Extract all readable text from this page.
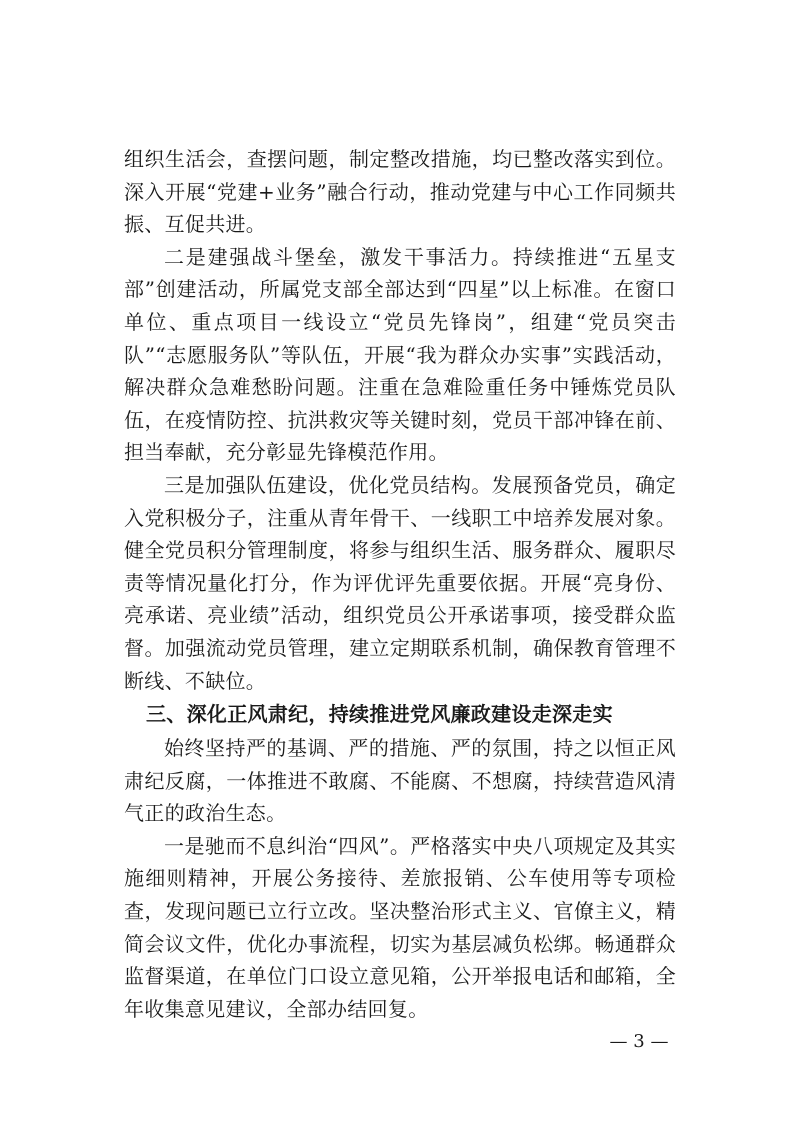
组织生活会，查摆问题，制定整改措施，均已整改落实到位。深入开展“党建+业务”融合行动，推动党建与中心工作同频共振、互促共进。

二是建强战斗堡垒，激发干事活力。持续推进“五星支部”创建活动，所属党支部全部达到“四星”以上标准。在窗口单位、重点项目一线设立“党员先锋岗”，组建“党员突击队”“志愿服务队”等队伍，开展“我为群众办实事”实践活动，解决群众急难愁盼问题。注重在急难险重任务中锤炼党员队伍，在疫情防控、抗洪救灾等关键时刻，党员干部冲锋在前、担当奉献，充分彰显先锋模范作用。

三是加强队伍建设，优化党员结构。发展预备党员，确定入党积极分子，注重从青年骨干、一线职工中培养发展对象。健全党员积分管理制度，将参与组织生活、服务群众、履职尽责等情况量化打分，作为评优评先重要依据。开展“亮身份、亮承诺、亮业绩”活动，组织党员公开承诺事项，接受群众监督。加强流动党员管理，建立定期联系机制，确保教育管理不断线、不缺位。

三、深化正风肃纪，持续推进党风廉政建设走深走实

始终坚持严的基调、严的措施、严的氛围，持之以恒正风肃纪反腐，一体推进不敢腐、不能腐、不想腐，持续营造风清气正的政治生态。

一是驰而不息纠治“四风”。严格落实中央八项规定及其实施细则精神，开展公务接待、差旅报销、公车使用等专项检查，发现问题已立行立改。坚决整治形式主义、官僚主义，精简会议文件，优化办事流程，切实为基层减负松绑。畅通群众监督渠道，在单位门口设立意见箱，公开举报电话和邮箱，全年收集意见建议，全部办结回复。

— 3 —
